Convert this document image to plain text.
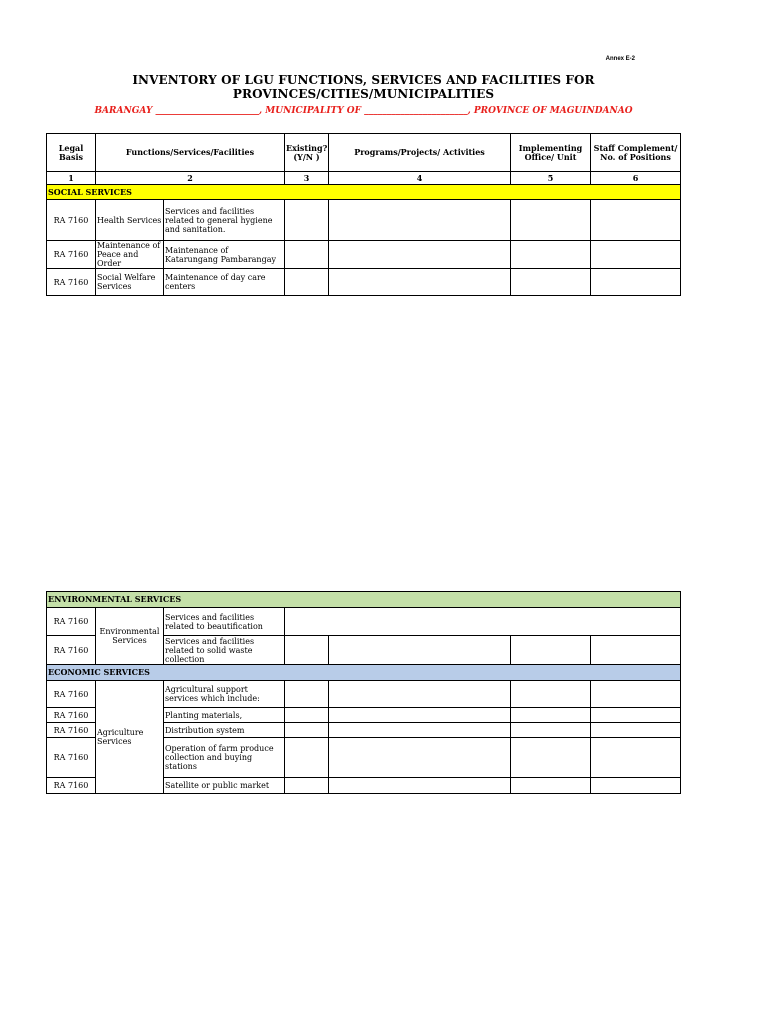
Annex E-2
INVENTORY OF LGU FUNCTIONS, SERVICES AND FACILITIES FOR PROVINCES/CITIES/MUNICIPALITIES
BARANGAY _______________________, MUNICIPALITY OF _______________________, PROVINCE OF MAGUINDANAO
Legal Basis	Functions/Services/Facilities		Existing? (Y/N )	Programs/Projects/ Activities	Implementing Office/ Unit	Staff Complement/ No. of Positions
1	2		3	4	5	6
SOCIAL SERVICES						
RA 7160	Health Services	Services and facilities related to general hygiene and sanitation.				
RA 7160	Maintenance of Peace and Order	Maintenance of Katarungang Pambarangay				
RA 7160	Social Welfare Services	Maintenance of day care centers				
ENVIRONMENTAL SERVICES						
RA 7160	Environmental Services	Services and facilities related to beautification				
RA 7160		Services and facilities related to solid waste collection				
ECONOMIC SERVICES						
RA 7160	Agriculture Services	Agricultural support services which include:				
RA 7160		Planting materials,				
RA 7160		Distribution system				
RA 7160		Operation of farm produce collection and buying stations				
RA 7160		Satellite or public market				
